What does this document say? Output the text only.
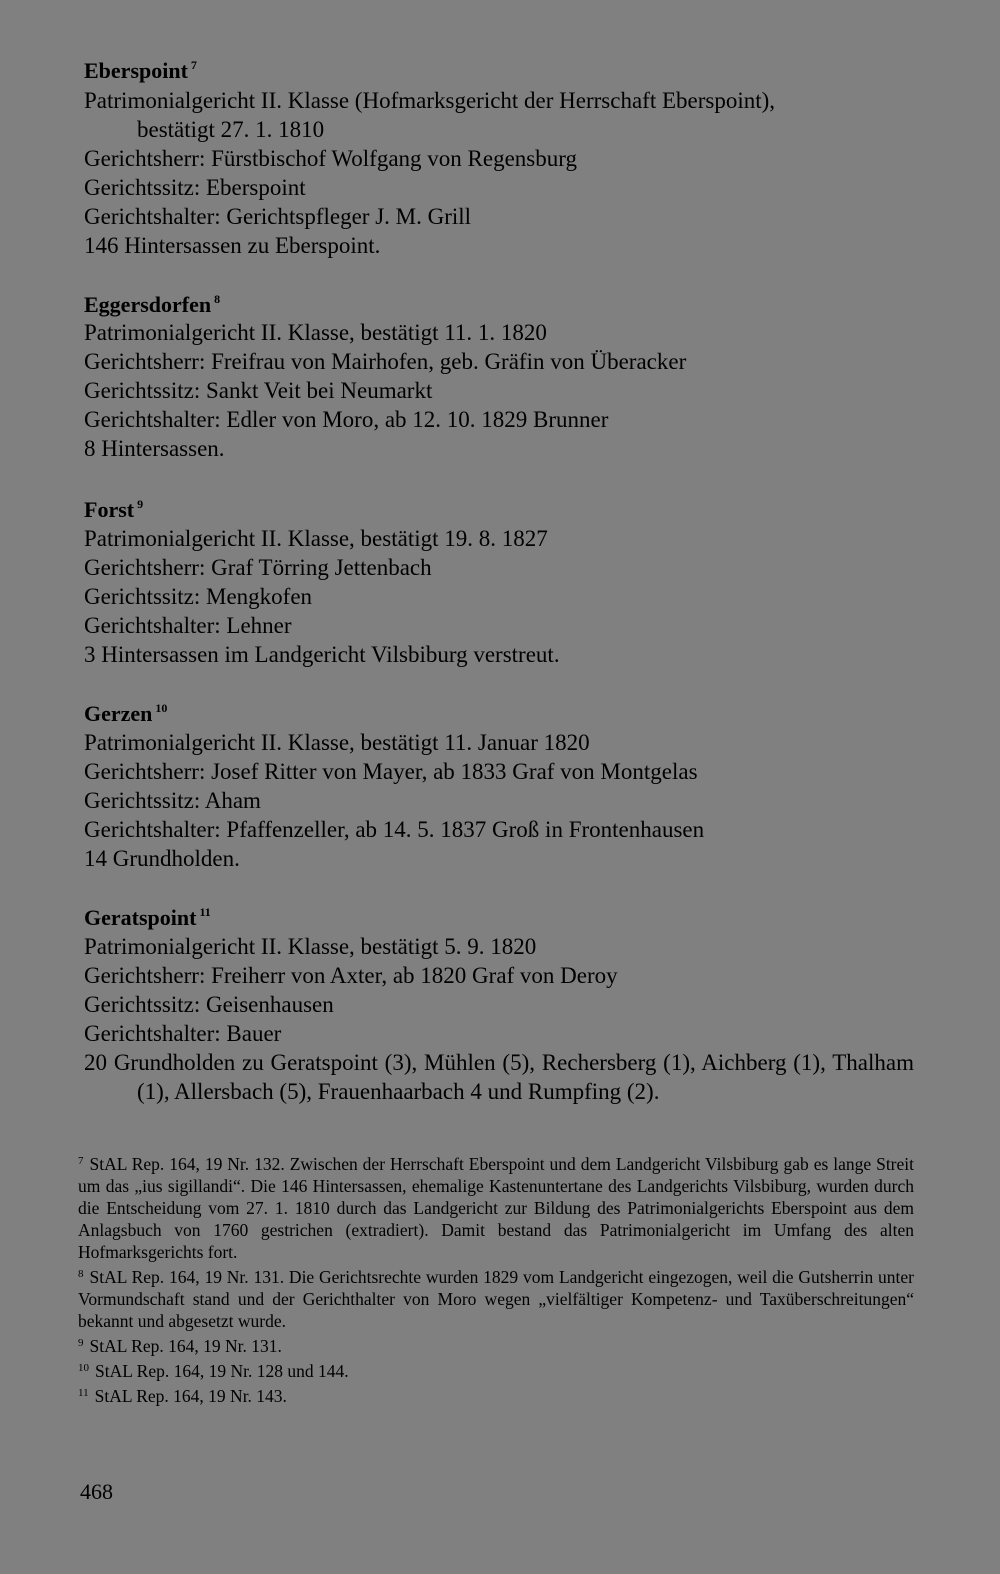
Eberspoint $^7$
Patrimonialgericht II. Klasse (Hofmarksgericht der Herrschaft Eberspoint),
bestätigt 27. 1. 1810
Gerichtsherr: Fürstbischof Wolfgang von Regensburg
Gerichtssitz: Eberspoint
Gerichtshalter: Gerichtspfleger J. M. Grill
146 Hintersassen zu Eberspoint.
Eggersdorfen $^8$
Patrimonialgericht II. Klasse, bestätigt 11. 1. 1820
Gerichtsherr: Freifrau von Mairhofen, geb. Gräfin von Überacker
Gerichtssitz: Sankt Veit bei Neumarkt
Gerichtshalter: Edler von Moro, ab 12. 10. 1829 Brunner
8 Hintersassen.
Forst $^9$
Patrimonialgericht II. Klasse, bestätigt 19. 8. 1827
Gerichtsherr: Graf Törring Jettenbach
Gerichtssitz: Mengkofen
Gerichtshalter: Lehner
3 Hintersassen im Landgericht Vilsbiburg verstreut.
Gerzen $^{10}$
Patrimonialgericht II. Klasse, bestätigt 11. Januar 1820
Gerichtsherr: Josef Ritter von Mayer, ab 1833 Graf von Montgelas
Gerichtssitz: Aham
Gerichtshalter: Pfaffenzeller, ab 14. 5. 1837 Groß in Frontenhausen
14 Grundholden.
Geratspoint $^{11}$
Patrimonialgericht II. Klasse, bestätigt 5. 9. 1820
Gerichtsherr: Freiherr von Axter, ab 1820 Graf von Deroy
Gerichtssitz: Geisenhausen
Gerichtshalter: Bauer

20 Grundholden zu Geratspoint (3), Mühlen (5), Rechersberg (1), Aichberg (1), Thalham (1), Allersbach (5), Frauenhaarbach 4 und Rumpfing (2).

$^7$ StAL Rep. 164, 19 Nr. 132. Zwischen der Herrschaft Eberspoint und dem Landgericht Vilsbiburg gab es lange Streit um das „ius sigillandi“. Die 146 Hintersassen, ehemalige Kastenuntertane des Landgerichts Vilsbiburg, wurden durch die Entscheidung vom 27. 1. 1810 durch das Landgericht zur Bildung des Patrimonialgerichts Eberspoint aus dem Anlagsbuch von 1760 gestrichen (extradiert). Damit bestand das Patrimonialgericht im Umfang des alten Hofmarksgerichts fort.

$^8$ StAL Rep. 164, 19 Nr. 131. Die Gerichtsrechte wurden 1829 vom Landgericht eingezogen, weil die Gutsherrin unter Vormundschaft stand und der Gerichthalter von Moro wegen „vielfältiger Kompetenz- und Taxüberschreitungen“ bekannt und abgesetzt wurde.

$^9$ StAL Rep. 164, 19 Nr. 131.

$^{10}$ StAL Rep. 164, 19 Nr. 128 und 144.

$^{11}$ StAL Rep. 164, 19 Nr. 143.

468
